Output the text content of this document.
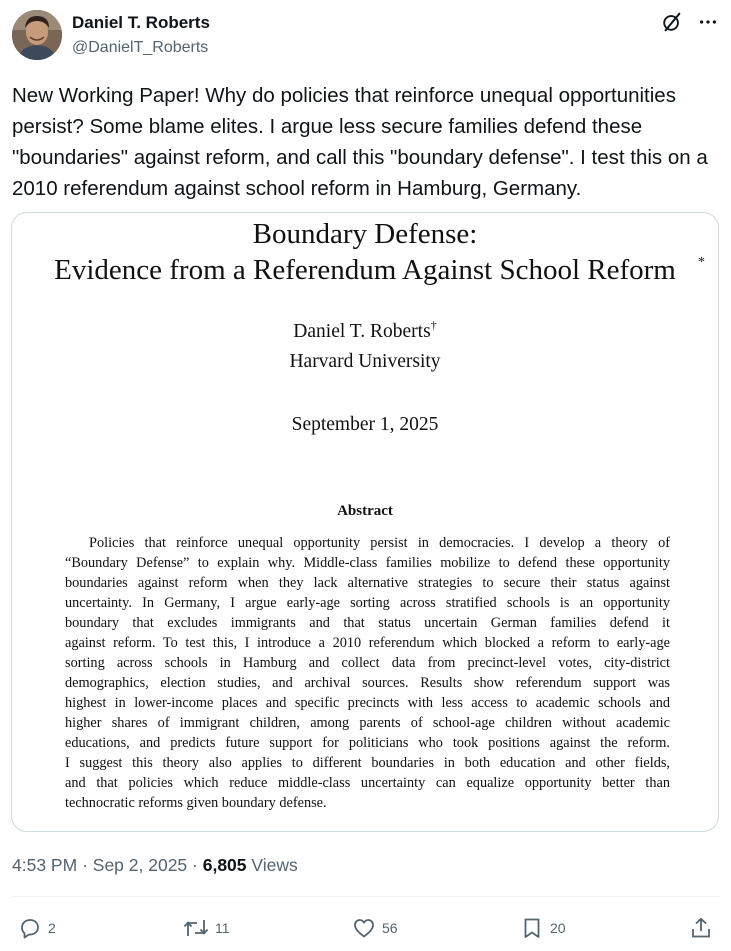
Daniel T. Roberts
@DanielT_Roberts
New Working Paper! Why do policies that reinforce unequal opportunities persist? Some blame elites. I argue less secure families defend these "boundaries" against reform, and call this "boundary defense". I test this on a 2010 referendum against school reform in Hamburg, Germany.
Boundary Defense:
Evidence from a Referendum Against School Reform	*
Daniel T. Roberts†
Harvard University
September 1, 2025
Abstract
Policies that reinforce unequal opportunity persist in democracies. I develop a theory of
“Boundary Defense” to explain why. Middle-class families mobilize to defend these opportunity
boundaries against reform when they lack alternative strategies to secure their status against
uncertainty. In Germany, I argue early-age sorting across stratified schools is an opportunity
boundary that excludes immigrants and that status uncertain German families defend it
against reform. To test this, I introduce a 2010 referendum which blocked a reform to early-age
sorting across schools in Hamburg and collect data from precinct-level votes, city-district
demographics, election studies, and archival sources. Results show referendum support was
highest in lower-income places and specific precincts with less access to academic schools and
higher shares of immigrant children, among parents of school-age children without academic
educations, and predicts future support for politicians who took positions against the reform.
I suggest this theory also applies to different boundaries in both education and other fields,
and that policies which reduce middle-class uncertainty can equalize opportunity better than
technocratic reforms given boundary defense.
4:53 PM · Sep 2, 2025 · 6,805 Views
2	11	56	20
